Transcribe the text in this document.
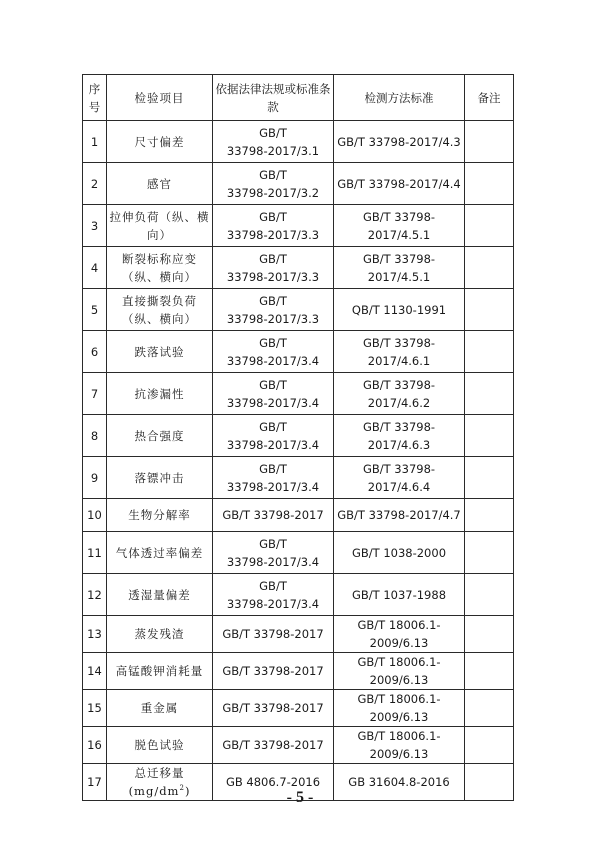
序号	检验项目	依据法律法规或标准条款	检测方法标准	备注
1	尺寸偏差	GB/T
33798-2017/3.1	GB/T 33798-2017/4.3	
2	感官	GB/T
33798-2017/3.2	GB/T 33798-2017/4.4	
3	拉伸负荷（纵、横
向）	GB/T
33798-2017/3.3	GB/T 33798-2017/4.5.1	
4	断裂标称应变
（纵、横向）	GB/T
33798-2017/3.3	GB/T 33798-2017/4.5.1	
5	直接撕裂负荷
（纵、横向）	GB/T
33798-2017/3.3	QB/T 1130-1991	
6	跌落试验	GB/T
33798-2017/3.4	GB/T 33798-2017/4.6.1	
7	抗渗漏性	GB/T
33798-2017/3.4	GB/T 33798-2017/4.6.2	
8	热合强度	GB/T
33798-2017/3.4	GB/T 33798-2017/4.6.3	
9	落镖冲击	GB/T
33798-2017/3.4	GB/T 33798-2017/4.6.4	
10	生物分解率	GB/T 33798-2017	GB/T 33798-2017/4.7	
11	气体透过率偏差	GB/T
33798-2017/3.4	GB/T 1038-2000	
12	透湿量偏差	GB/T
33798-2017/3.4	GB/T 1037-1988	
13	蒸发残渣	GB/T 33798-2017	GB/T 18006.1-2009/6.13	
14	高锰酸钾消耗量	GB/T 33798-2017	GB/T 18006.1-2009/6.13	
15	重金属	GB/T 33798-2017	GB/T 18006.1-2009/6.13	
16	脱色试验	GB/T 33798-2017	GB/T 18006.1-2009/6.13	
17	总迁移量$(mg/dm^2)$	GB 4806.7-2016	GB 31604.8-2016	
- 5 -
